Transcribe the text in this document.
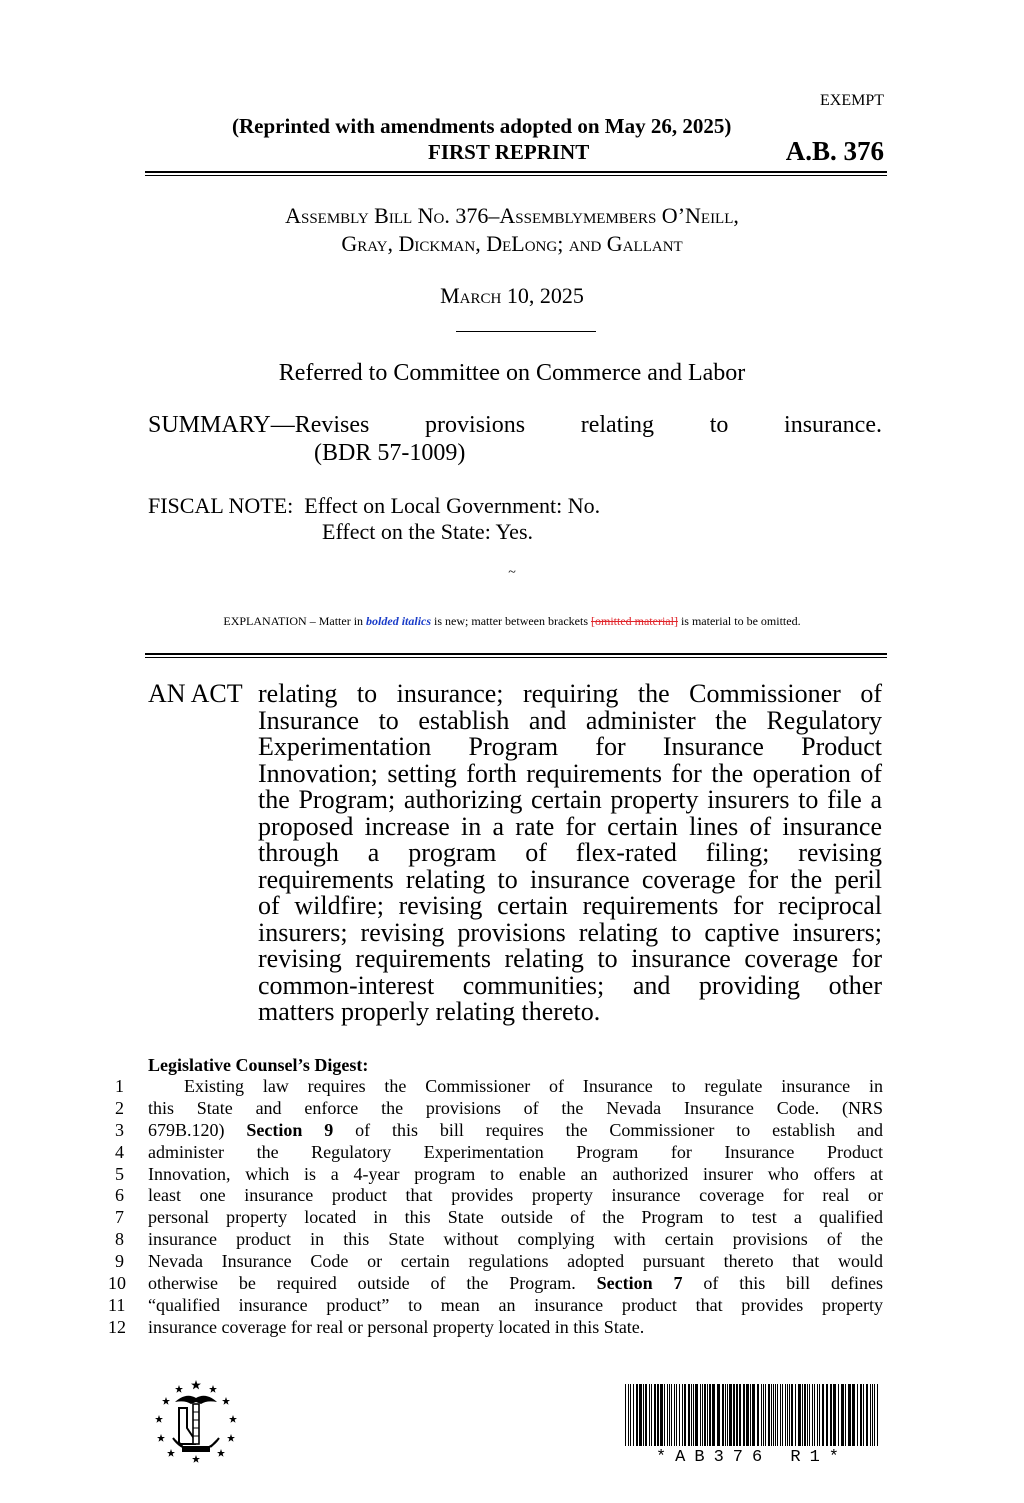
EXEMPT
(Reprinted with amendments adopted on May 26, 2025)
FIRST REPRINT	A.B. 376
Assembly Bill No. 376–Assemblymembers O’Neill,
Gray, Dickman, DeLong; and Gallant
March 10, 2025
Referred to Committee on Commerce and Labor
SUMMARY—Revises provisions relating to insurance.
(BDR 57-1009)
FISCAL NOTE: Effect on Local Government: No.
Effect on the State: Yes.
~
EXPLANATION – Matter in bolded italics is new; matter between brackets [omitted material] is material to be omitted.
AN ACT relating to insurance; requiring the Commissioner of
Insurance to establish and administer the Regulatory
Experimentation Program for Insurance Product
Innovation; setting forth requirements for the operation of
the Program; authorizing certain property insurers to file a
proposed increase in a rate for certain lines of insurance
through a program of flex-rated filing; revising
requirements relating to insurance coverage for the peril
of wildfire; revising certain requirements for reciprocal
insurers; revising provisions relating to captive insurers;
revising requirements relating to insurance coverage for
common-interest communities; and providing other
matters properly relating thereto.
Legislative Counsel’s Digest:
1	Existing law requires the Commissioner of Insurance to regulate insurance in
2 this State and enforce the provisions of the Nevada Insurance Code. (NRS
3 679B.120) Section 9 of this bill requires the Commissioner to establish and
4 administer the Regulatory Experimentation Program for Insurance Product
5 Innovation, which is a 4-year program to enable an authorized insurer who offers at
6 least one insurance product that provides property insurance coverage for real or
7 personal property located in this State outside of the Program to test a qualified
8 insurance product in this State without complying with certain provisions of the
9 Nevada Insurance Code or certain regulations adopted pursuant thereto that would
10 otherwise be required outside of the Program. Section 7 of this bill defines
11 “qualified insurance product” to mean an insurance product that provides property
12 insurance coverage for real or personal property located in this State.
*AB376 R1*
